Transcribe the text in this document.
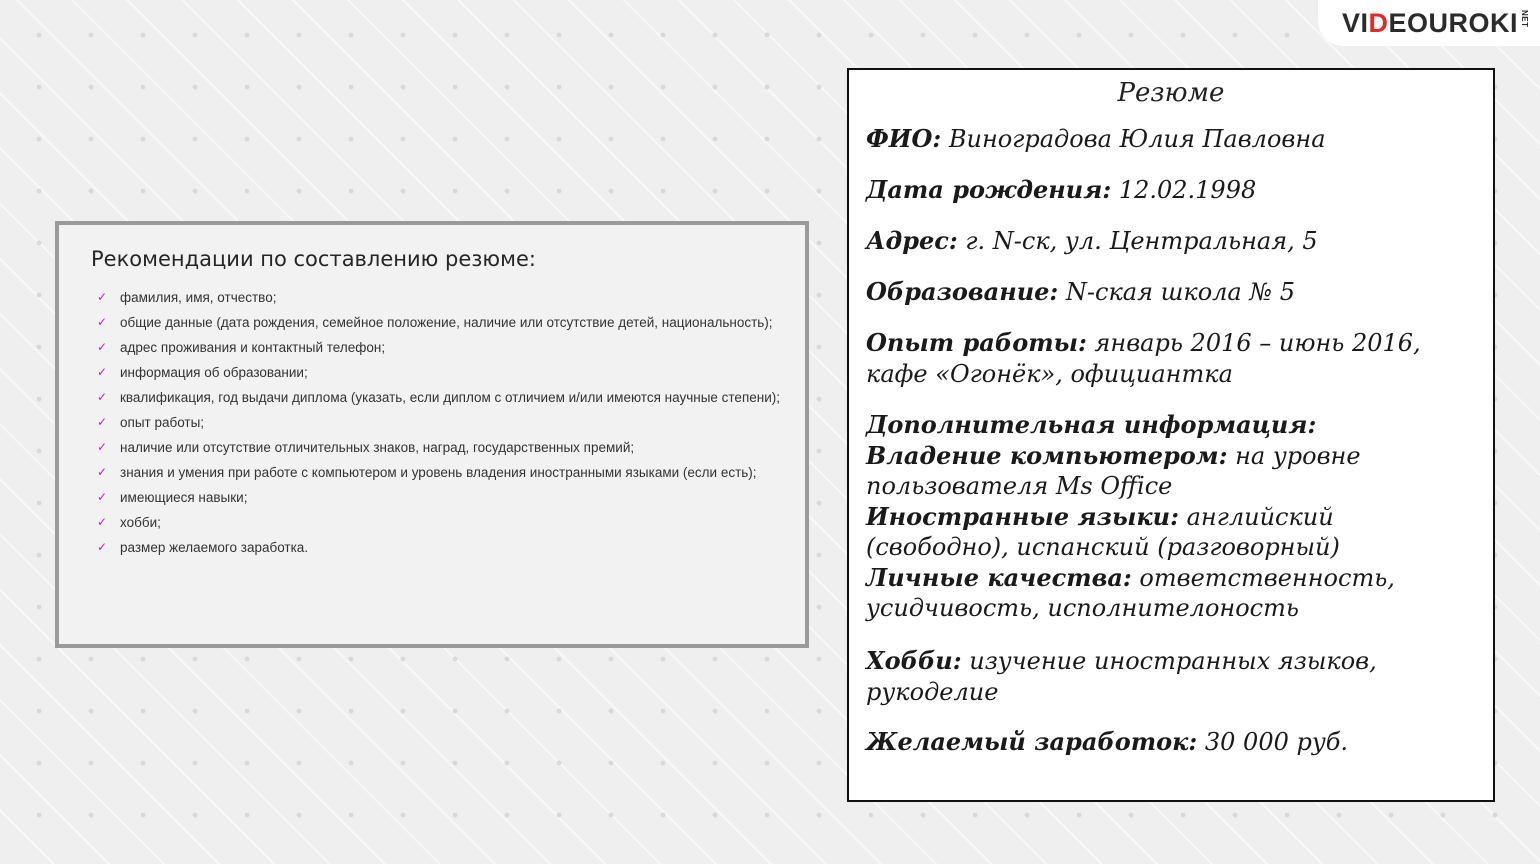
VI D EOUROKI NET
Рекомендации по составлению резюме:
✓ фамилия, имя, отчество;
✓ общие данные (дата рождения, семейное положение, наличие или отсутствие детей, национальность);
✓ адрес проживания и контактный телефон;
✓ информация об образовании;
✓ квалификация, год выдачи диплома (указать, если диплом с отличием и/или имеются научные степени);
✓ опыт работы;
✓ наличие или отсутствие отличительных знаков, наград, государственных премий;
✓ знания и умения при работе с компьютером и уровень владения иностранными языками (если есть);
✓ имеющиеся навыки;
✓ хобби;
✓ размер желаемого заработка.
Резюме
ФИО: Виноградова Юлия Павловна
Дата рождения: 12.02.1998
Адрес: г. N-ск, ул. Центральная, 5
Образование: N-ская школа № 5
Опыт работы: январь 2016 – июнь 2016,
кафе «Огонёк», официантка
Дополнительная информация:
Владение компьютером: на уровне
пользователя Ms Office
Иностранные языки: английский
(свободно), испанский (разговорный)
Личные качества: ответственность,
усидчивость, исполнителоность
Хобби: изучение иностранных языков,
рукоделие
Желаемый заработок: 30 000 руб.
